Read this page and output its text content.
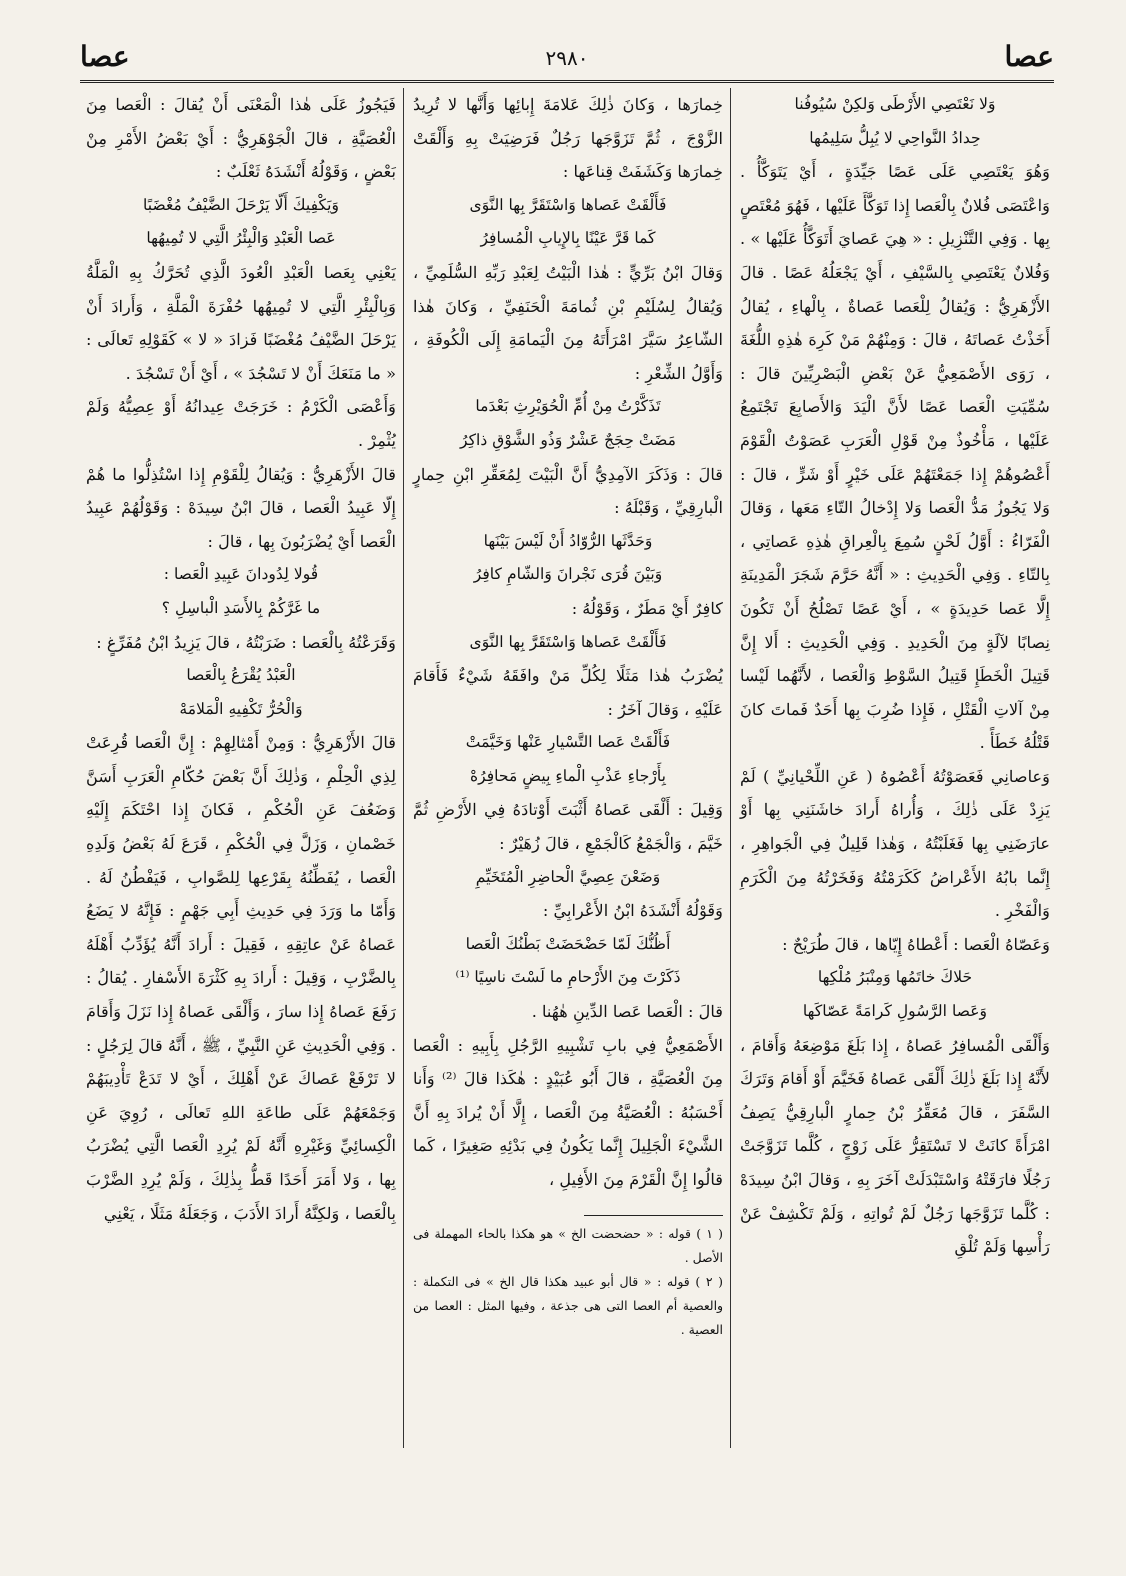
عصا
٢٩٨٠
عصا

وَلا نَعْتَصِي الأَرْطَى وَلكِنْ سُيُوفُنا

حِدادُ النَّواحِي لا يُبِلُّ سَلِيمُها

وَهُوَ يَعْتَصِي عَلَى عَصًا جَيِّدَةٍ ، أَيْ يَتَوَكَّأُ . وَاعْتَصَى فُلانٌ بِالْعَصا إِذا تَوَكَّأَ عَلَيْها ، فَهُوَ مُعْتَصٍ بِها . وَفِي التَّنْزِيلِ : « هِيَ عَصايَ أَتَوَكَّأُ عَلَيْها » . وَفُلانٌ يَعْتَصِي بِالسَّيْفِ ، أَيْ يَجْعَلُهُ عَصًا . قالَ الأَزْهَرِيُّ : وَيُقالُ لِلْعَصا عَصاةٌ ، بِالْهاءِ ، يُقالُ أَخَذْتُ عَصاتَهُ ، قالَ : وَمِنْهُمْ مَنْ كَرِهَ هٰذِهِ اللُّغَةَ ، رَوَى الأَصْمَعِيُّ عَنْ بَعْضِ الْبَصْرِيِّينَ قالَ : سُمِّيَتِ الْعَصا عَصًا لأَنَّ الْيَدَ وَالأَصابِعَ تَجْتَمِعُ عَلَيْها ، مَأْخُوذٌ مِنْ قَوْلِ الْعَرَبِ عَصَوْتُ الْقَوْمَ أَعْصُوهُمْ إِذا جَمَعْتَهُمْ عَلَى خَيْرٍ أَوْ شَرٍّ ، قالَ : وَلا يَجُوزُ مَدُّ الْعَصا وَلا إِدْخالُ التّاءِ مَعَها ، وَقالَ الْفَرّاءُ : أَوَّلُ لَحْنٍ سُمِعَ بِالْعِراقِ هٰذِهِ عَصاتِي ، بِالتّاءِ . وَفِي الْحَدِيثِ : « أَنَّهُ حَرَّمَ شَجَرَ الْمَدِينَةِ إِلَّا عَصا حَدِيدَةٍ » ، أَيْ عَصًا تَصْلُحُ أَنْ تَكُونَ نِصابًا لآلَةٍ مِنَ الْحَدِيدِ . وَفِي الْحَدِيثِ : أَلا إِنَّ قَتِيلَ الْخَطَإِ قَتِيلُ السَّوْطِ وَالْعَصا ، لأَنَّهُما لَيْسا مِنْ آلاتِ الْقَتْلِ ، فَإِذا ضُرِبَ بِها أَحَدٌ فَماتَ كانَ قَتْلُهُ خَطَأً .

وَعاصانِي فَعَصَوْتُهُ أَعْصُوهُ ( عَنِ اللِّحْيانِيِّ ) لَمْ يَزِدْ عَلَى ذٰلِكَ ، وَأُراهُ أَرادَ خاشَنَنِي بِها أَوْ عارَضَنِي بِها فَغَلَبْتُهُ ، وَهٰذا قَلِيلٌ فِي الْجَواهِرِ ، إِنَّما بابُهُ الأَعْراضُ كَكَرَمْتُهُ وَفَخَرْتُهُ مِنَ الْكَرَمِ وَالْفَخْرِ .

وَعَصّاهُ الْعَصا : أَعْطاهُ إِيّاها ، قالَ طُرَيْحٌ :

حَلاكَ خاتَمُها وَمِنْبَرُ مُلْكِها

وَعَصا الرَّسُولِ كَرامَةً عَصّاكَها

وَأَلْقَى الْمُسافِرُ عَصاهُ ، إِذا بَلَغَ مَوْضِعَهُ وَأَقامَ ، لأَنَّهُ إِذا بَلَغَ ذٰلِكَ أَلْقَى عَصاهُ فَخَيَّمَ أَوْ أَقامَ وَتَرَكَ السَّفَرَ ، قالَ مُعَقِّرُ بْنُ حِمارٍ الْبارِقِيُّ يَصِفُ امْرَأَةً كانَتْ لا تَسْتَقِرُّ عَلَى زَوْجٍ ، كُلَّما تَزَوَّجَتْ رَجُلًا فارَقَتْهُ وَاسْتَبْدَلَتْ آخَرَ بِهِ ، وَقالَ ابْنُ سِيدَهْ : كُلَّما تَزَوَّجَها رَجُلٌ لَمْ تُواتِهِ ، وَلَمْ تَكْشِفْ عَنْ رَأْسِها وَلَمْ تُلْقِ

خِمارَها ، وَكانَ ذٰلِكَ عَلامَةَ إِبائِها وَأَنَّها لا تُرِيدُ الزَّوْجَ ، ثُمَّ تَزَوَّجَها رَجُلٌ فَرَضِيَتْ بِهِ وَأَلْقَتْ خِمارَها وَكَشَفَتْ قِناعَها :

فَأَلْقَتْ عَصاها وَاسْتَقَرَّ بِها النَّوَى

كَما قَرَّ عَيْنًا بِالإِيابِ الْمُسافِرُ

وَقالَ ابْنُ بَرِّيٍّ : هٰذا الْبَيْتُ لِعَبْدِ رَبِّهِ السُّلَمِيِّ ، وَيُقالُ لِسُلَيْمِ بْنِ ثُمامَةَ الْحَنَفِيِّ ، وَكانَ هٰذا الشّاعِرُ سَيَّرَ امْرَأَتَهُ مِنَ الْيَمامَةِ إِلَى الْكُوفَةِ ، وَأَوَّلُ الشِّعْرِ :

تَذَكَّرْتُ مِنْ أُمِّ الْحُوَيْرِثِ بَعْدَما

مَضَتْ حِجَجٌ عَشْرٌ وَذُو الشَّوْقِ ذاكِرُ

قالَ : وَذَكَرَ الآمِدِيُّ أَنَّ الْبَيْتَ لِمُعَقِّرِ ابْنِ حِمارٍ الْبارِقِيِّ ، وَقَبْلَهُ :

وَحَدَّثَها الرُّوّادُ أَنْ لَيْسَ بَيْنَها

وَبَيْنَ قُرَى نَجْرانَ وَالشّامِ كافِرُ

كافِرٌ أَيْ مَطَرٌ ، وَقَوْلُهُ :

فَأَلْقَتْ عَصاها وَاسْتَقَرَّ بِها النَّوَى

يُضْرَبُ هٰذا مَثَلًا لِكُلِّ مَنْ وافَقَهُ شَيْءٌ فَأَقامَ عَلَيْهِ ، وَقالَ آخَرُ :

فَأَلْقَتْ عَصا التَّسْيارِ عَنْها وَخَيَّمَتْ

بِأَرْجاءِ عَذْبِ الْماءِ بِيضٍ مَحافِرُهْ

وَقِيلَ : أَلْقَى عَصاهُ أَثْبَتَ أَوْتادَهُ فِي الأَرْضِ ثُمَّ خَيَّمَ ، وَالْجَمْعُ كَالْجَمْعِ ، قالَ زُهَيْرٌ :

وَضَعْنَ عِصِيَّ الْحاضِرِ الْمُتَخَيِّمِ

وَقَوْلُهُ أَنْشَدَهُ ابْنُ الأَعْرابِيِّ :

أَظُنُّكَ لَمّا حَضْحَضَتْ بَطْنُكَ الْعَصا

ذَكَرْتَ مِنَ الأَرْحامِ ما لَسْتَ ناسِيًا ⁽¹⁾

قالَ : الْعَصا عَصا الدِّينِ هٰهُنا .

الأَصْمَعِيُّ فِي بابِ تَشْبِيهِ الرَّجُلِ بِأَبِيهِ : الْعَصا مِنَ الْعُصَيَّةِ ، قالَ أَبُو عُبَيْدٍ : هٰكَذا قالَ ⁽²⁾ وَأَنا أَحْسَبُهُ : الْعُصَيَّةُ مِنَ الْعَصا ، إِلَّا أَنْ يُرادَ بِهِ أَنَّ الشَّيْءَ الْجَلِيلَ إِنَّما يَكُونُ فِي بَدْئِهِ صَغِيرًا ، كَما قالُوا إِنَّ الْقَرْمَ مِنَ الأَفِيلِ ،

( ١ ) قوله : « حضحضت الخ » هو هكذا بالحاء المهملة فى الأصل .

( ٢ ) قوله : « قال أبو عبيد هكذا قال الخ » فى التكملة : والعصية أم العصا التى هى جذعة ، وفيها المثل : العصا من العصية .

فَيَجُوزُ عَلَى هٰذا الْمَعْنَى أَنْ يُقالَ : الْعَصا مِنَ الْعُصَيَّةِ ، قالَ الْجَوْهَرِيُّ : أَيْ بَعْضُ الأَمْرِ مِنْ بَعْضٍ ، وَقَوْلُهُ أَنْشَدَهُ ثَعْلَبٌ :

وَيَكْفِيكَ أَلّا يَرْحَلَ الضَّيْفُ مُغْضَبًا

عَصا الْعَبْدِ وَالْبِئْرُ الَّتِي لا تُمِيهُها

يَعْنِي بِعَصا الْعَبْدِ الْعُودَ الَّذِي تُحَرَّكُ بِهِ الْمَلَّةُ وَبِالْبِئْرِ الَّتِي لا تُمِيهُها حُفْرَةَ الْمَلَّةِ ، وَأَرادَ أَنْ يَرْحَلَ الضَّيْفُ مُغْضَبًا فَزادَ « لا » كَقَوْلِهِ تَعالَى : « ما مَنَعَكَ أَنْ لا تَسْجُدَ » ، أَيْ أَنْ تَسْجُدَ .

وَأَعْصَى الْكَرْمُ : خَرَجَتْ عِيدانُهُ أَوْ عِصِيُّهُ وَلَمْ يُثْمِرْ .

قالَ الأَزْهَرِيُّ : وَيُقالُ لِلْقَوْمِ إِذا اسْتُذِلُّوا ما هُمْ إِلّا عَبِيدُ الْعَصا ، قالَ ابْنُ سِيدَهْ : وَقَوْلُهُمْ عَبِيدُ الْعَصا أَيْ يُضْرَبُونَ بِها ، قالَ :

قُولا لِدُودانَ عَبِيدِ الْعَصا :

ما غَرَّكُمْ بِالأَسَدِ الْباسِلِ ؟

وَقَرَعْتُهُ بِالْعَصا : ضَرَبْتُهُ ، قالَ يَزِيدُ ابْنُ مُفَرِّغٍ :

الْعَبْدُ يُقْرَعُ بِالْعَصا

وَالْحُرُّ تَكْفِيهِ الْمَلامَهْ

قالَ الأَزْهَرِيُّ : وَمِنْ أَمْثالِهِمْ : إِنَّ الْعَصا قُرِعَتْ لِذِي الْحِلْمِ ، وَذٰلِكَ أَنَّ بَعْضَ حُكّامِ الْعَرَبِ أَسَنَّ وَضَعُفَ عَنِ الْحُكْمِ ، فَكانَ إِذا احْتَكَمَ إِلَيْهِ خَصْمانِ ، وَزَلَّ فِي الْحُكْمِ ، قَرَعَ لَهُ بَعْضُ وَلَدِهِ الْعَصا ، يُفَطِّنُهُ بِقَرْعِها لِلصَّوابِ ، فَيَفْطُنُ لَهُ . وَأَمّا ما وَرَدَ فِي حَدِيثِ أَبِي جَهْمٍ : فَإِنَّهُ لا يَضَعُ عَصاهُ عَنْ عاتِقِهِ ، فَقِيلَ : أَرادَ أَنَّهُ يُؤَدِّبُ أَهْلَهُ بِالضَّرْبِ ، وَقِيلَ : أَرادَ بِهِ كَثْرَةَ الأَسْفارِ . يُقالُ : رَفَعَ عَصاهُ إِذا سارَ ، وَأَلْقَى عَصاهُ إِذا نَزَلَ وَأَقامَ . وَفِي الْحَدِيثِ عَنِ النَّبِيِّ ، ﷺ ، أَنَّهُ قالَ لِرَجُلٍ : لا تَرْفَعْ عَصاكَ عَنْ أَهْلِكَ ، أَيْ لا تَدَعْ تَأْدِيبَهُمْ وَجَمْعَهُمْ عَلَى طاعَةِ اللهِ تَعالَى ، رُوِيَ عَنِ الْكِسائِيِّ وَغَيْرِهِ أَنَّهُ لَمْ يُرِدِ الْعَصا الَّتِي يُضْرَبُ بِها ، وَلا أَمَرَ أَحَدًا قَطُّ بِذٰلِكَ ، وَلَمْ يُرِدِ الضَّرْبَ بِالْعَصا ، وَلكِنَّهُ أَرادَ الأَدَبَ ، وَجَعَلَهُ مَثَلًا ، يَعْنِي
